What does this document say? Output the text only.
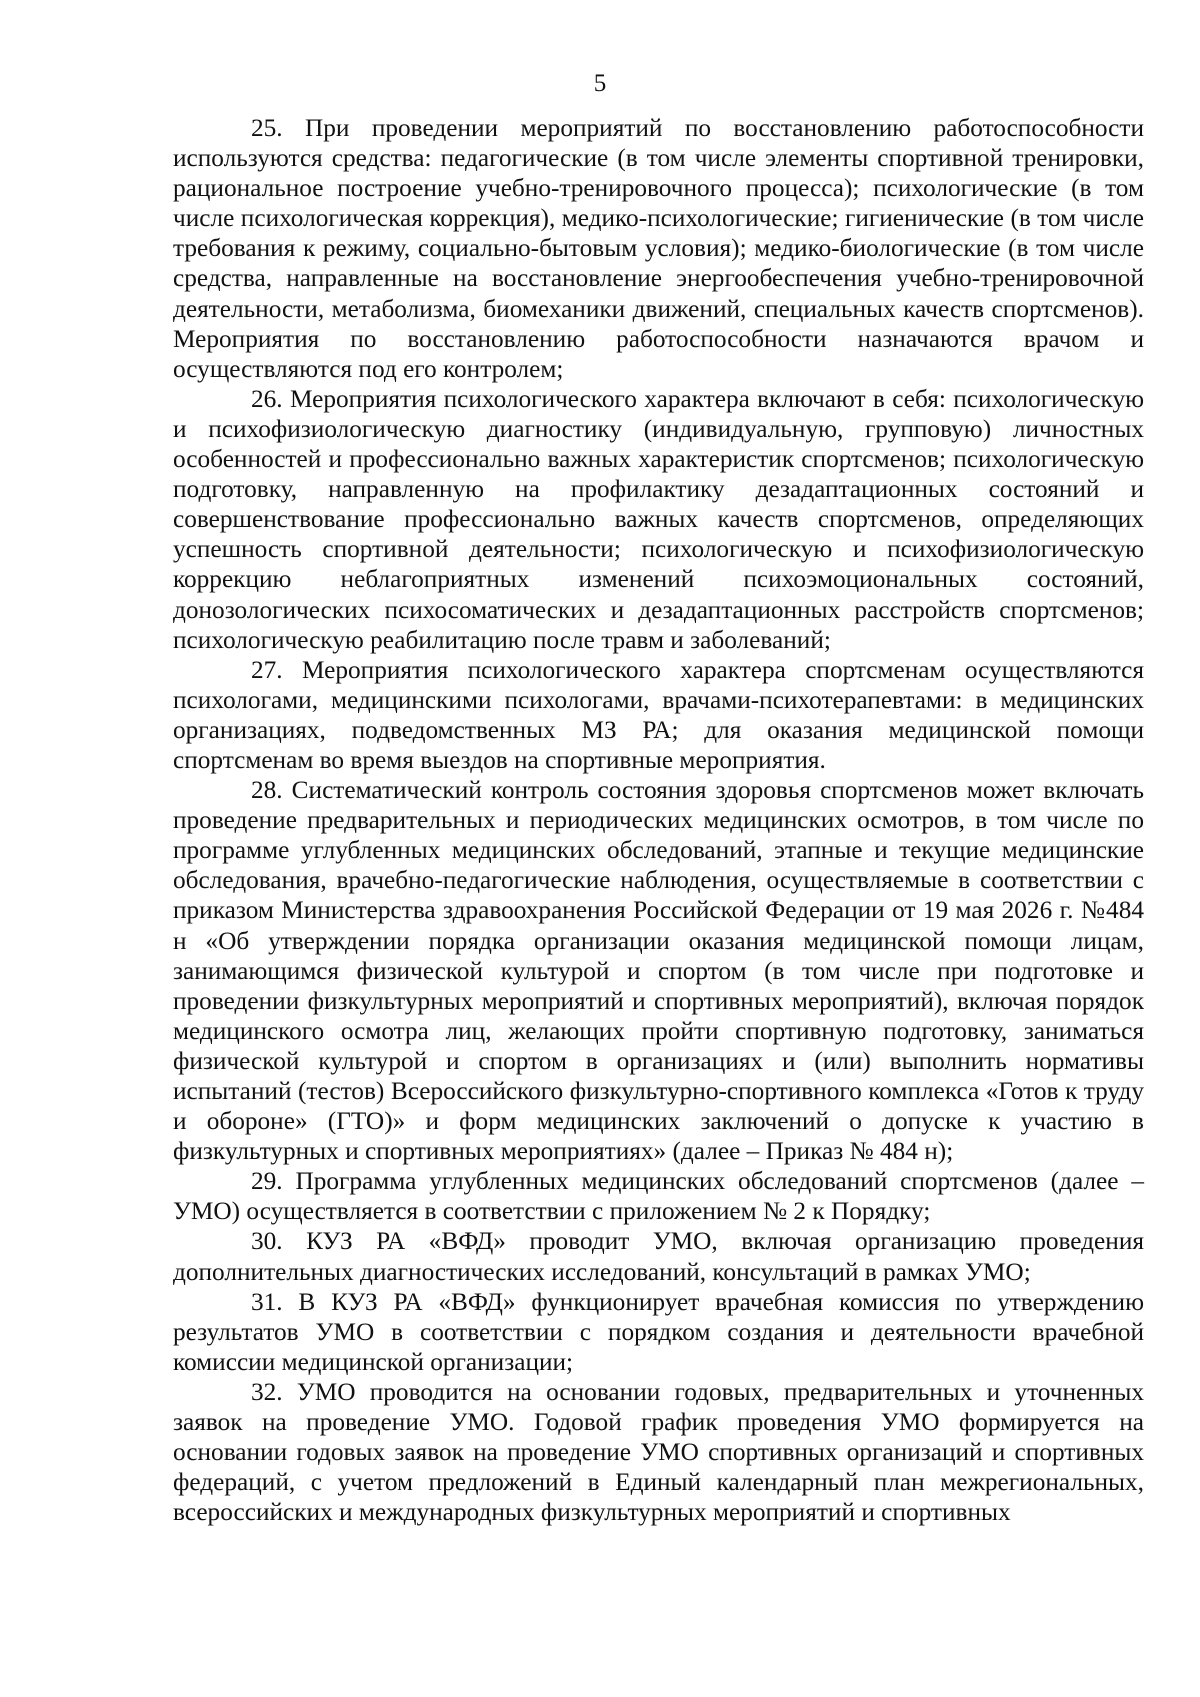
5

25. При проведении мероприятий по восстановлению работоспособности используются средства: педагогические (в том числе элементы спортивной тренировки, рациональное построение учебно-тренировочного процесса); психологические (в том числе психологическая коррекция), медико-психологические; гигиенические (в том числе требования к режиму, социально-бытовым условия); медико-биологические (в том числе средства, направленные на восстановление энергообеспечения учебно-тренировочной деятельности, метаболизма, биомеханики движений, специальных качеств спортсменов). Мероприятия по восстановлению работоспособности назначаются врачом и осуществляются под его контролем;

26. Мероприятия психологического характера включают в себя: психологическую и психофизиологическую диагностику (индивидуальную, групповую) личностных особенностей и профессионально важных характеристик спортсменов; психологическую подготовку, направленную на профилактику дезадаптационных состояний и совершенствование профессионально важных качеств спортсменов, определяющих успешность спортивной деятельности; психологическую и психофизиологическую коррекцию неблагоприятных изменений психоэмоциональных состояний, донозологических психосоматических и дезадаптационных расстройств спортсменов; психологическую реабилитацию после травм и заболеваний;

27. Мероприятия психологического характера спортсменам осуществляются психологами, медицинскими психологами, врачами-психотерапевтами: в медицинских организациях, подведомственных МЗ РА; для оказания медицинской помощи спортсменам во время выездов на спортивные мероприятия.

28. Систематический контроль состояния здоровья спортсменов может включать проведение предварительных и периодических медицинских осмотров, в том числе по программе углубленных медицинских обследований, этапные и текущие медицинские обследования, врачебно-педагогические наблюдения, осуществляемые в соответствии с приказом Министерства здравоохранения Российской Федерации от 19 мая 2026 г. №484 н «Об утверждении порядка организации оказания медицинской помощи лицам, занимающимся физической культурой и спортом (в том числе при подготовке и проведении физкультурных мероприятий и спортивных мероприятий), включая порядок медицинского осмотра лиц, желающих пройти спортивную подготовку, заниматься физической культурой и спортом в организациях и (или) выполнить нормативы испытаний (тестов) Всероссийского физкультурно-спортивного комплекса «Готов к труду и обороне» (ГТО)» и форм медицинских заключений о допуске к участию в физкультурных и спортивных мероприятиях» (далее – Приказ № 484 н);

29. Программа углубленных медицинских обследований спортсменов (далее – УМО) осуществляется в соответствии с приложением № 2 к Порядку;

30. КУЗ РА «ВФД» проводит УМО, включая организацию проведения дополнительных диагностических исследований, консультаций в рамках УМО;

31. В КУЗ РА «ВФД» функционирует врачебная комиссия по утверждению результатов УМО в соответствии с порядком создания и деятельности врачебной комиссии медицинской организации;

32. УМО проводится на основании годовых, предварительных и уточненных заявок на проведение УМО. Годовой график проведения УМО формируется на основании годовых заявок на проведение УМО спортивных организаций и спортивных федераций, с учетом предложений в Единый календарный план межрегиональных, всероссийских и международных физкультурных мероприятий и спортивных
